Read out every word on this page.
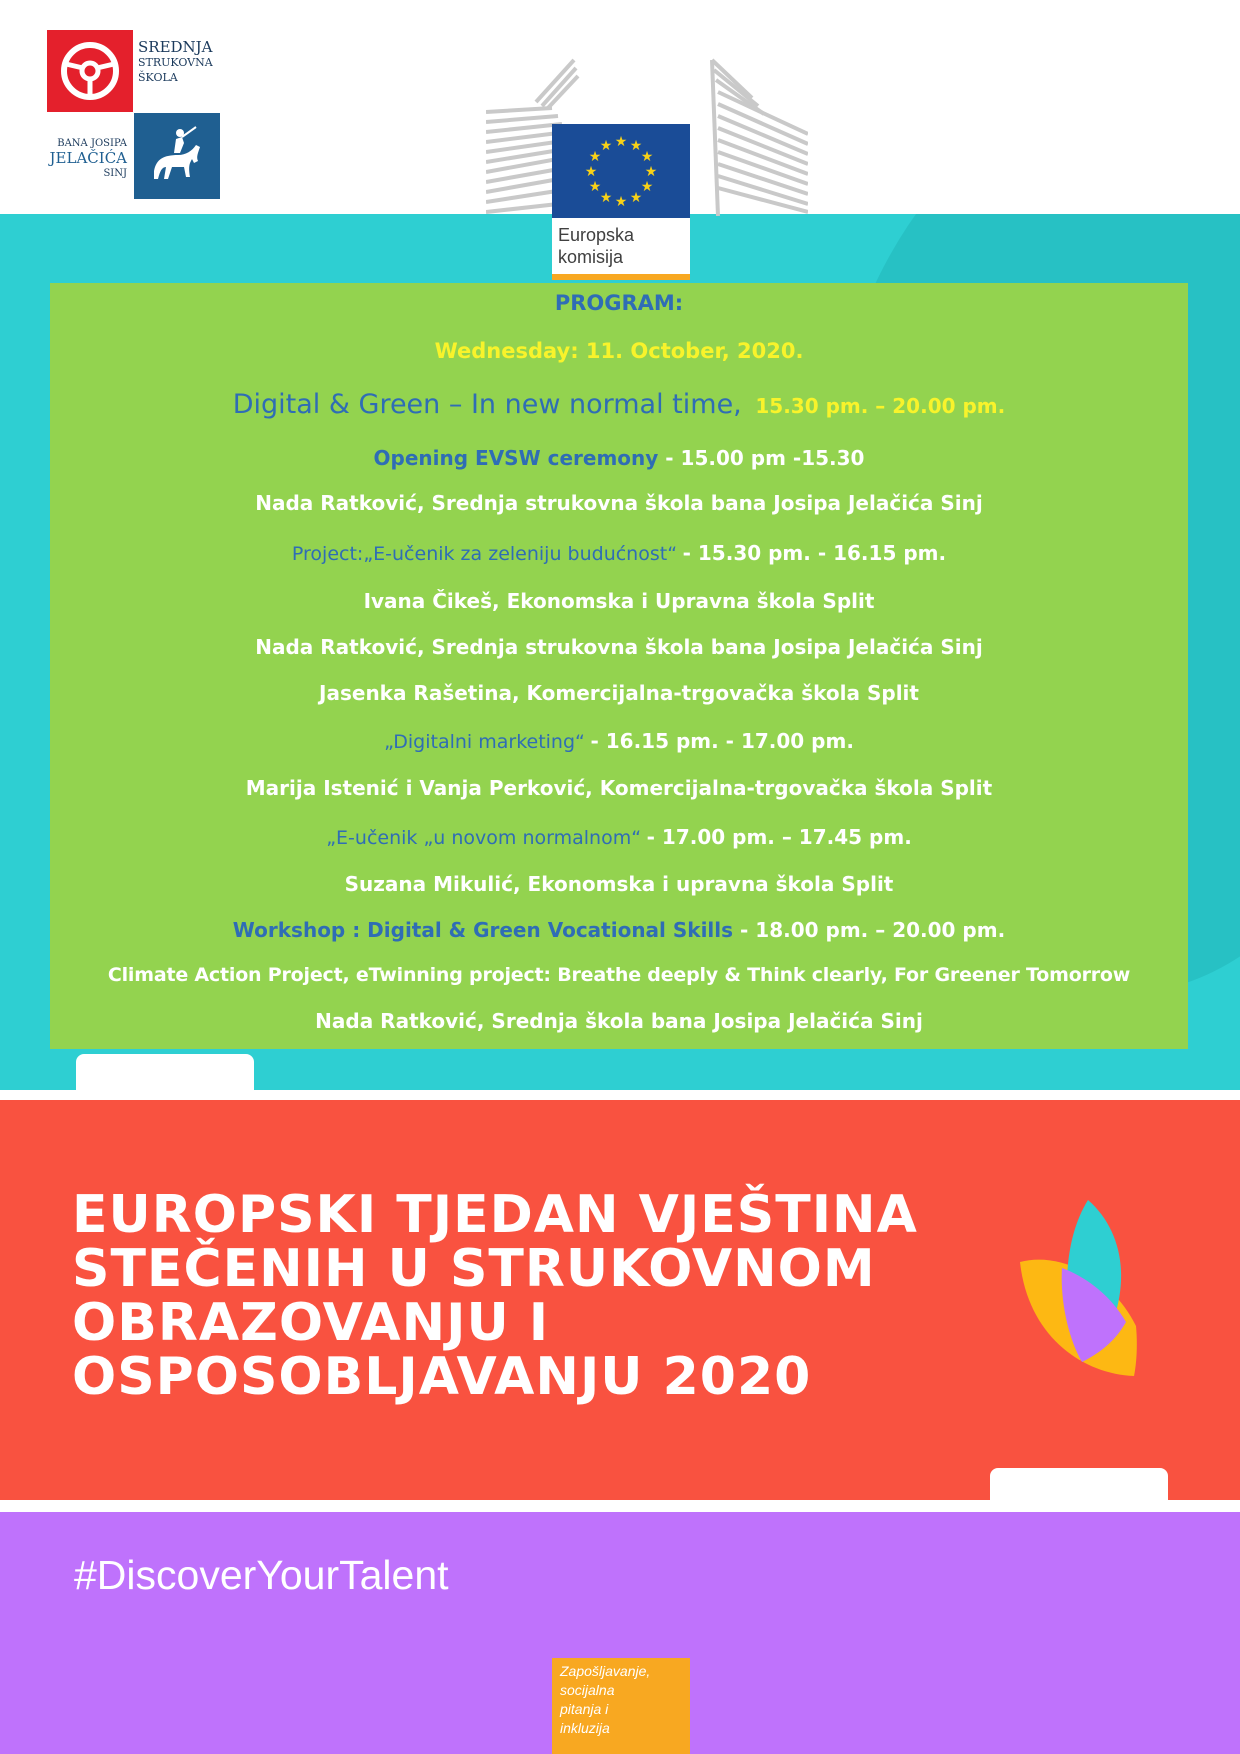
SREDNJA
STRUKOVNA
ŠKOLA
BANA JOSIPA
JELAČIĆA
SINJ
★ ★
★
★
★
★
★
★
★
★
★
★
Europska
komisija
PROGRAM:
Wednesday: 11. October, 2020.
Digital & Green – In new normal time, 15.30 pm. – 20.00 pm.
Opening EVSW ceremony - 15.00 pm -15.30
Nada Ratković, Srednja strukovna škola bana Josipa Jelačića Sinj
Project:„E-učenik za zeleniju budućnost“ - 15.30 pm. - 16.15 pm.
Ivana Čikeš, Ekonomska i Upravna škola Split
Nada Ratković, Srednja strukovna škola bana Josipa Jelačića Sinj
Jasenka Rašetina, Komercijalna-trgovačka škola Split
„Digitalni marketing“ - 16.15 pm. - 17.00 pm.
Marija Istenić i Vanja Perković, Komercijalna-trgovačka škola Split
„E-učenik „u novom normalnom“ - 17.00 pm. – 17.45 pm.
Suzana Mikulić, Ekonomska i upravna škola Split
Workshop : Digital & Green Vocational Skills - 18.00 pm. – 20.00 pm.
Climate Action Project, eTwinning project: Breathe deeply & Think clearly, For Greener Tomorrow
Nada Ratković, Srednja škola bana Josipa Jelačića Sinj
EUROPSKI TJEDAN VJEŠTINA
STEČENIH U STRUKOVNOM
OBRAZOVANJU I
OSPOSOBLJAVANJU 2020
#DiscoverYourTalent
Zapošljavanje,
socijalna
pitanja i
inkluzija
